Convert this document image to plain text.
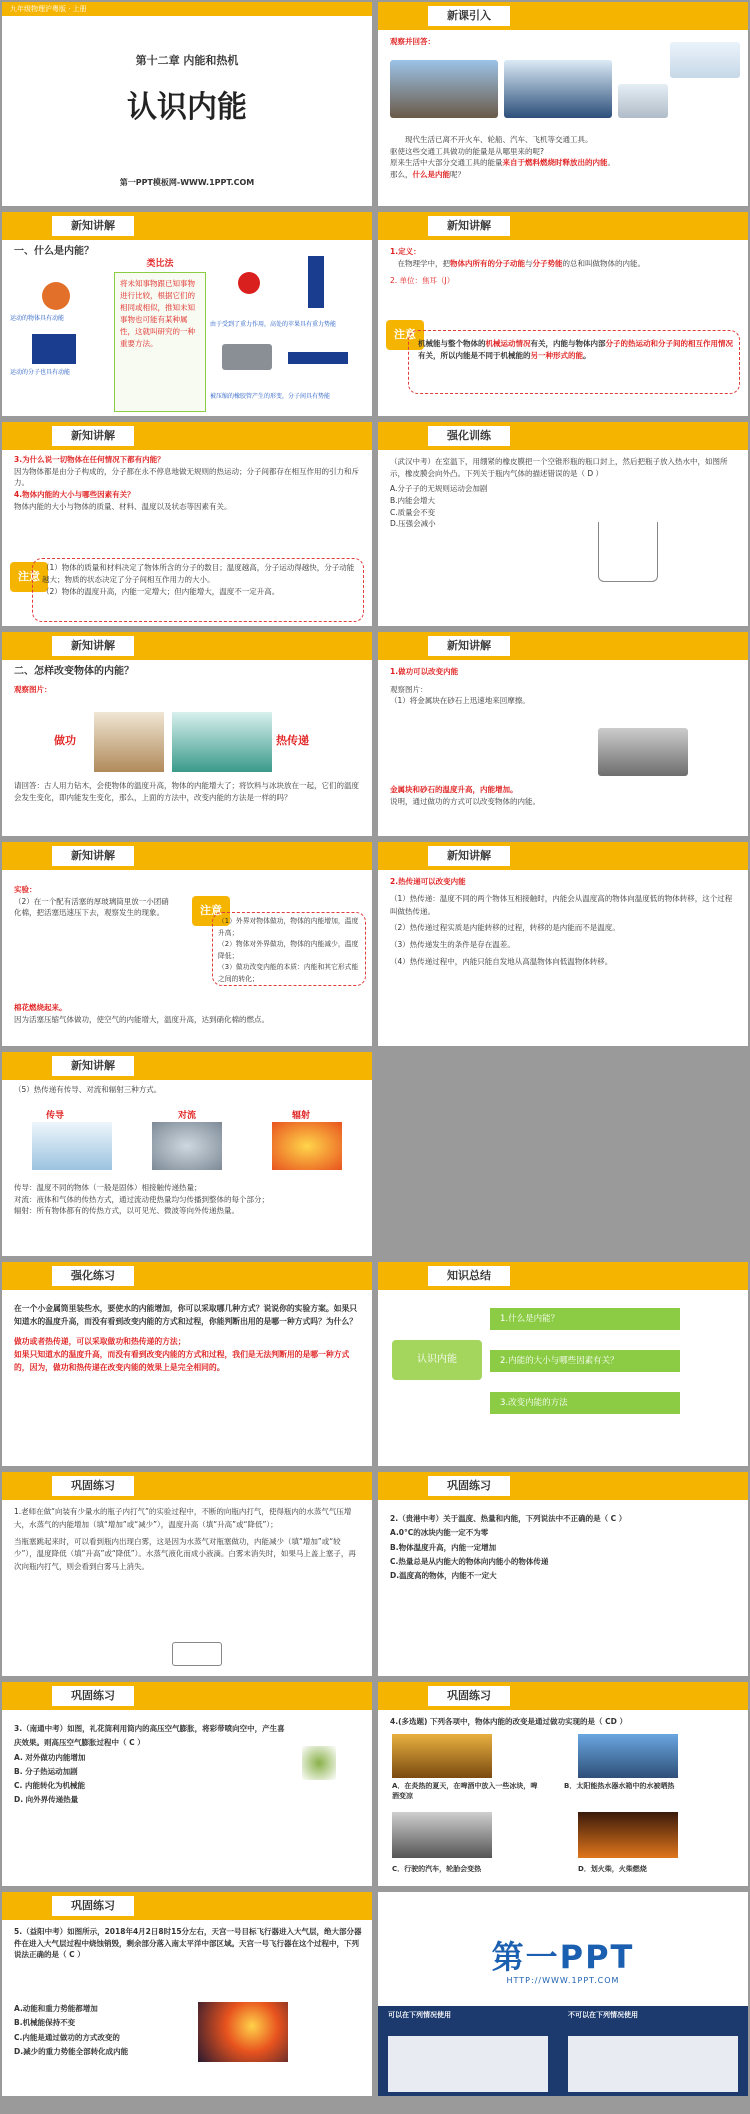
九年级物理沪粤版 · 上册
第十二章 内能和热机
认识内能
第一PPT模板网-WWW.1PPT.COM
新课引入
观察并回答：
现代生活已离不开火车、轮船、汽车、飞机等交通工具。
驱使这些交通工具做功的能量是从哪里来的呢?
原来生活中大部分交通工具的能量来自于燃料燃烧时释放出的内能。
那么，什么是内能呢？
新知讲解
一、什么是内能？
运动的物体具有动能
运动的分子也具有动能
类比法
将未知事物跟已知事物进行比较，根据它们的相同或相似，推知未知事物也可能有某种属性，这就叫研究的一种重要方法。
由于受到了重力作用，高处的苹果具有重力势能
被压缩的橡胶管产生的形变，分子间具有势能
新知讲解
1.定义：
在物理学中，把物体内所有的分子动能与分子势能的总和叫做物体的内能。
2. 单位：焦耳（J）
注意
机械能与整个物体的机械运动情况有关，内能与物体内部分子的热运动和分子间的相互作用情况有关，所以内能是不同于机械能的另一种形式的能。
新知讲解
3.为什么说一切物体在任何情况下都有内能？
因为物体都是由分子构成的，分子都在永不停息地做无规则的热运动；分子间都存在相互作用的引力和斥力。
4.物体内能的大小与哪些因素有关？
物体内能的大小与物体的质量、材料、温度以及状态等因素有关。
注意
（1）物体的质量和材料决定了物体所含的分子的数目；温度越高，分子运动得越快，分子动能越大；物质的状态决定了分子间相互作用力的大小。
（2）物体的温度升高，内能一定增大；但内能增大，温度不一定升高。
强化训练
（武汉中考）在室温下，用绷紧的橡皮膜把一个空锥形瓶的瓶口封上，然后把瓶子放入热水中，如图所示，橡皮膜会向外凸。下列关于瓶内气体的描述错误的是（ D ）
A.分子子的无规则运动会加剧
B.内能会增大
C.质量会不变
D.压强会减小
新知讲解
二、怎样改变物体的内能？
观察图片：
做功	热传递
请回答：古人用力钻木，会使物体的温度升高，物体的内能增大了；将饮料与冰块放在一起，它们的温度会发生变化，即内能发生变化，那么，上面的方法中，改变内能的方法是一样的吗？
新知讲解
1.做功可以改变内能
观察图片：
（1）将金属块在砂石上迅速地来回摩擦。
金属块和砂石的温度升高，内能增加。
说明，通过做功的方式可以改变物体的内能。
新知讲解
实验：
（2）在一个配有活塞的厚玻璃筒里放一小团硝化棉，把活塞迅速压下去，观察发生的现象。	注意
（1）外界对物体做功，物体的内能增加，温度升高；
（2）物体对外界做功，物体的内能减少，温度降低；
（3）做功改变内能的本质：内能和其它形式能之间的转化；
棉花燃烧起来。
因为活塞压缩气体做功，使空气的内能增大，温度升高，达到硝化棉的燃点。
新知讲解
2.热传递可以改变内能
（1）热传递：温度不同的两个物体互相接触时，内能会从温度高的物体向温度低的物体转移，这个过程叫做热传递。
（2）热传递过程实质是内能转移的过程，转移的是内能而不是温度。
（3）热传递发生的条件是存在温差。
（4）热传递过程中，内能只能自发地从高温物体向低温物体转移。
新知讲解
（5）热传递有传导、对流和辐射三种方式。
传导	对流	辐射
传导：温度不同的物体（一般是固体）相接触传递热量；
对流：液体和气体的传热方式，通过流动使热量均匀传播到整体的每个部分；
辐射：所有物体都有的传热方式，以可见光、微波等向外传递热量。
强化练习
在一个小金属筒里装些水，要使水的内能增加，你可以采取哪几种方式？说说你的实验方案。如果只知道水的温度升高，而没有看到改变内能的方式和过程，你能判断出用的是哪一种方式吗？为什么？
做功或者热传递，可以采取做功和热传递的方法；
如果只知道水的温度升高，而没有看到改变内能的方式和过程，我们是无法判断用的是哪一种方式的，因为，做功和热传递在改变内能的效果上是完全相同的。
知识总结
认识内能
1.什么是内能？
2.内能的大小与哪些因素有关？
3.改变内能的方法
巩固练习
1.老师在做“向装有少量水的瓶子内打气”的实验过程中，不断的向瓶内打气，使得瓶内的水蒸气气压增大，水蒸气的内能增加（填“增加”或“减少”），温度升高（填“升高”或“降低”）；
当瓶塞跳起来时，可以看到瓶内出现白雾，这是因为水蒸气对瓶塞做功，内能减少（填“增加”或“较少”），温度降低（填“升高”或“降低”）。水蒸气液化而成小液滴。白雾未消失时，如果马上盖上塞子，再次向瓶内打气，则会看到白雾马上消失。
巩固练习
2.（贵港中考）关于温度、热量和内能，下列说法中不正确的是（ C ）
A.0°C的冰块内能一定不为零
B.物体温度升高，内能一定增加
C.热量总是从内能大的物体向内能小的物体传递
D.温度高的物体，内能不一定大
巩固练习
3.（南通中考）如图，礼花筒利用筒内的高压空气膨胀，将彩带喷向空中，产生喜庆效果。则高压空气膨胀过程中（ C ）
A. 对外做功内能增加
B. 分子热运动加剧
C. 内能转化为机械能
D. 向外界传递热量
巩固练习
4.(多选题) 下列各项中，物体内能的改变是通过做功实现的是（ CD ）
A．在炎热的夏天，在啤酒中放入一些冰块，啤酒变凉
B．太阳能热水器水箱中的水被晒热
C．行驶的汽车，轮胎会变热	D．划火柴，火柴燃烧
巩固练习
5.（益阳中考）如图所示，2018年4月2日8时15分左右，天宫一号目标飞行器进入大气层，绝大部分器件在进入大气层过程中烧蚀销毁，剩余部分落入南太平洋中部区域。天宫一号飞行器在这个过程中，下列说法正确的是（ C ）
A.动能和重力势能都增加
B.机械能保持不变
C.内能是通过做功的方式改变的
D.减少的重力势能全部转化成内能
第一PPT
HTTP://WWW.1PPT.COM
可以在下列情况使用	不可以在下列情况使用
